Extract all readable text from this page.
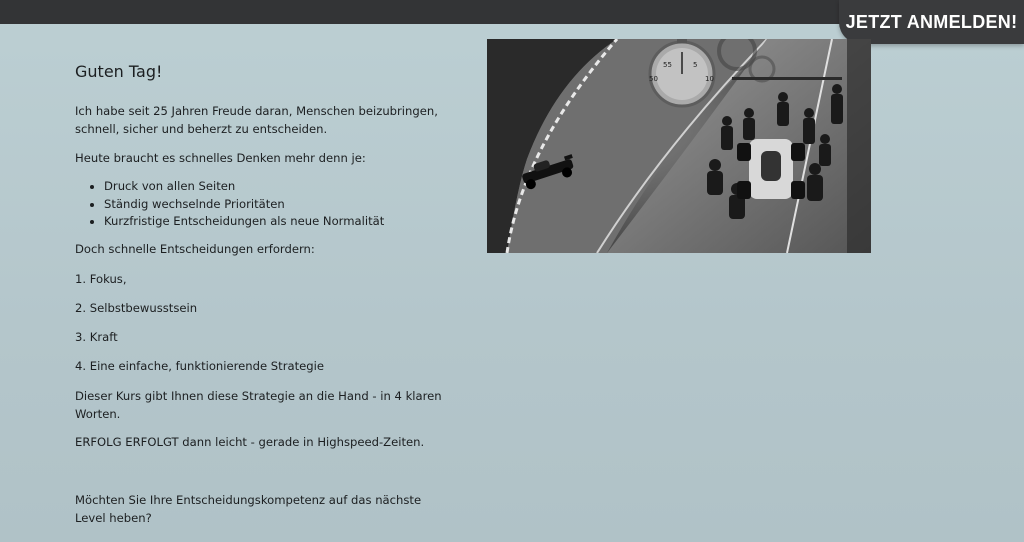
JETZT ANMELDEN!
Guten Tag!

Ich habe seit 25 Jahren Freude daran, Menschen beizubringen, schnell, sicher und beherzt zu entscheiden.

Heute braucht es schnelles Denken mehr denn je:

• Druck von allen Seiten
• Ständig wechselnde Prioritäten
• Kurzfristige Entscheidungen als neue Normalität

Doch schnelle Entscheidungen erfordern:

1. Fokus,

2. Selbstbewusstsein

3. Kraft

4. Eine einfache, funktionierende Strategie

Dieser Kurs gibt Ihnen diese Strategie an die Hand - in 4 klaren Worten.

ERFOLG ERFOLGT dann leicht - gerade in Highspeed-Zeiten.

Möchten Sie Ihre Entscheidungskompetenz auf das nächste Level heben?

55	5
50	10
